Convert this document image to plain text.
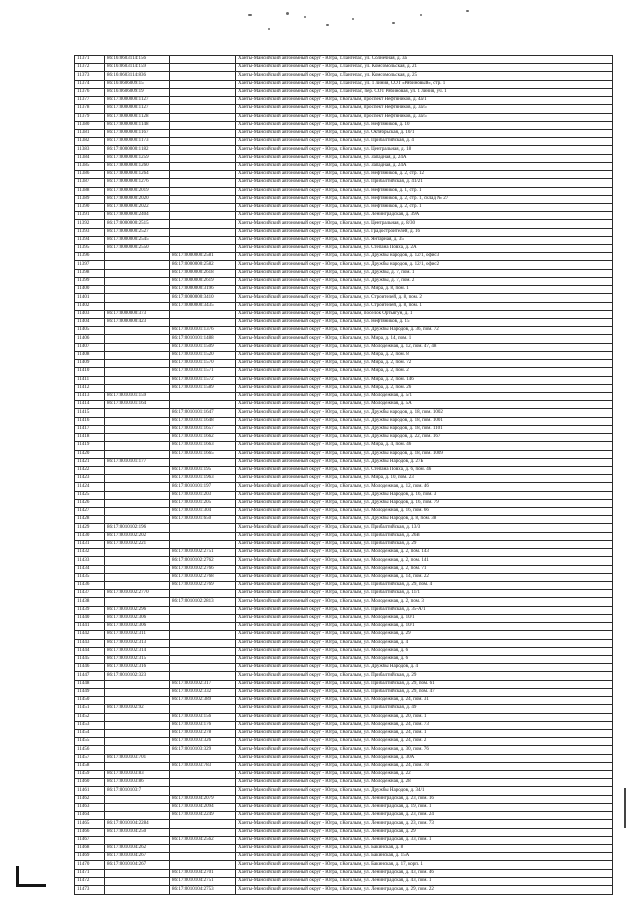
11371	86:16:0603114:156		Ханты-Мансийский автономный округ - Югра, г.Лангепас, ул. Солнечная, д. 3а
11372	86:16:0603114:159		Ханты-Мансийский автономный округ - Югра, г.Лангепас, ул. Комсомольская, д. 21
11373	86:16:0603114:836		Ханты-Мансийский автономный округ - Югра, г.Лангепас, ул. Комсомольская, д. 25
11374	86:16:0606009:15		Ханты-Мансийский автономный округ - Югра, г.Лангепас, ул. 1 линия, СОТ «Рябиновый», стр. 1
11376	86:16:0606009:19		Ханты-Мансийский автономный округ - Югра, г.Лангепас, пер. СОТ Рябиновая, ул. 1 линия, уч. 1
11377	86:17:0000000:1127		Ханты-Мансийский автономный округ - Югра, г.Когалым, проспект Нефтяников, д. 4а/1
11378	86:17:0000000:1127		Ханты-Мансийский автономный округ - Югра, г.Когалым, проспект Нефтяников, д. 3а/5
11379	86:17:0000000:1128		Ханты-Мансийский автономный округ - Югра, г.Когалым, проспект Нефтяников, д. 3а/5
11380	86:17:0000000:1148		Ханты-Мансийский автономный округ - Югра, г.Когалым, ул. Нефтяников, д. 10
11381	86:17:0000000:1167		Ханты-Мансийский автономный округ - Югра, г.Когалым, ул. Октябрьская, д. 10/1
11382	86:17:0000000:1173		Ханты-Мансийский автономный округ - Югра, г.Когалым, ул. Прибалтийская, д. 4
11383	86:17:0000000:1182		Ханты-Мансийский автономный округ - Югра, г.Когалым, ул. Центральная, д. 18
11384	86:17:0000000:1259		Ханты-Мансийский автономный округ - Югра, г.Когалым, ул. Западная, д. 24А
11385	86:17:0000000:1260		Ханты-Мансийский автономный округ - Югра, г.Когалым, ул. Западная, д. 24А
11386	86:17:0000000:1264		Ханты-Мансийский автономный округ - Югра, г.Когалым, ул. Нефтяников, д. 2, стр. 12
11387	86:17:0000000:1276		Ханты-Мансийский автономный округ - Югра, г.Когалым, ул. Прибалтийская, д. 41/21
11388	86:17:0000000:2019		Ханты-Мансийский автономный округ - Югра, г.Когалым, ул. Нефтяников, д. 1, стр. 1
11389	86:17:0000000:2020		Ханты-Мансийский автономный округ - Югра, г.Когалым, ул. Нефтяников, д. 2, стр. 1, склад № 27
11390	86:17:0000000:2022		Ханты-Мансийский автономный округ - Югра, г.Когалым, ул. Нефтяников, д. 2, стр. 1
11391	86:17:0000000:2404		Ханты-Мансийский автономный округ - Югра, г.Когалым, ул. Ленинградская, д. 39А
11392	86:17:0000000:2515		Ханты-Мансийский автономный округ - Югра, г.Когалым, ул. Центральная, д. 8/30
11393	86:17:0000000:2527		Ханты-Мансийский автономный округ - Югра, г.Когалым, ул. Градостроителей, д. 16
11394	86:17:0000000:2545		Ханты-Мансийский автономный округ - Югра, г.Когалым, ул. Янтарная, д. 35
11395	86:17:0000000:2550		Ханты-Мансийский автономный округ - Югра, г.Когалым, ул. Степана Повха, д. 2А
11396		86:17:0000000:2581	Ханты-Мансийский автономный округ - Югра, г.Когалым, ул. Дружбы народов, д. 12/1, офис3
11397		86:17:0000000:2582	Ханты-Мансийский автономный округ - Югра, г.Когалым, ул. Дружбы народов, д. 12/1, офис2
11398		86:17:0000000:2618	Ханты-Мансийский автономный округ - Югра, г.Когалым, ул. Дружбы, д. 7, пом. 1
11399		86:17:0000000:2619	Ханты-Мансийский автономный округ - Югра, г.Когалым, ул. Дружбы, д. 7, пом. 2
11400		86:17:0000000:3196	Ханты-Мансийский автономный округ - Югра, г.Когалым, ул. Мира, д. 8, пом. 1
11401		86:17:0000000:3410	Ханты-Мансийский автономный округ - Югра, г.Когалым, ул. Строителей, д. 8, пом. 2
11402		86:17:0000000:3435	Ханты-Мансийский автономный округ - Югра, г.Когалым, ул. Строителей, д. 8, пом. 1
11403	86:17:0000000:373		Ханты-Мансийский автономный округ - Югра, г.Когалым, поселок Ортьягун, д. 1
11404	86:17:0000000:423		Ханты-Мансийский автономный округ - Югра, г.Когалым, ул. Нефтяников, д. 15
11405		86:17:0010101:1376	Ханты-Мансийский автономный округ - Югра, г.Когалым, ул. Дружбы Народов, д. 36, пом. 72
11406		86:17:0010101:1488	Ханты-Мансийский автономный округ - Югра, г.Когалым, ул. Мира, д. 14, пом. 1
11407		86:17:0010101:1509	Ханты-Мансийский автономный округ - Югра, г.Когалым, ул. Молодежная, д. 12, пом. 47, 48
11408		86:17:0010101:1520	Ханты-Мансийский автономный округ - Югра, г.Когалым, ул. Мира, д. 2, пом. 8
11409		86:17:0010101:1570	Ханты-Мансийский автономный округ - Югра, г.Когалым, ул. Мира, д. 2, пом. 72
11410		86:17:0010101:1571	Ханты-Мансийский автономный округ - Югра, г.Когалым, ул. Мира, д. 2, пом. 2
11411		86:17:0010101:1572	Ханты-Мансийский автономный округ - Югра, г.Когалым, ул. Мира, д. 2, пом. 146
11412		86:17:0010101:1589	Ханты-Мансийский автономный округ - Югра, г.Когалым, ул. Мира, д. 2, пом. 26
11413	86:17:0010101:159		Ханты-Мансийский автономный округ - Югра, г.Когалым, ул. Молодежная, д. 5/1
11414	86:17:0010101:164		Ханты-Мансийский автономный округ - Югра, г.Когалым, ул. Молодежная, д. 5А
11415		86:17:0010101:1647	Ханты-Мансийский автономный округ - Югра, г.Когалым, ул. Дружбы народов, д. 18, пом. 1002
11416		86:17:0010101:1648	Ханты-Мансийский автономный округ - Югра, г.Когалым, ул. Дружбы народов, д. 18, пом. 1001
11417		86:17:0010101:1657	Ханты-Мансийский автономный округ - Югра, г.Когалым, ул. Дружбы народов, д. 18, пом. 1101
11418		86:17:0010101:1662	Ханты-Мансийский автономный округ - Югра, г.Когалым, ул. Дружбы народов, д. 22, пом. 167
11419		86:17:0010101:1663	Ханты-Мансийский автономный округ - Югра, г.Когалым, ул. Мира, д. 4, пом. 46
11420		86:17:0010101:1665	Ханты-Мансийский автономный округ - Югра, г.Когалым, ул. Дружбы народов, д. 18, пом. 1009
11421	86:17:0010101:177		Ханты-Мансийский автономный округ - Югра, г.Когалым, ул. Дружбы Народов, д. 27Б
11422		86:17:0010101:195	Ханты-Мансийский автономный округ - Югра, г.Когалым, ул. Степана Повха, д. 6, пом. 46
11423		86:17:0010101:1963	Ханты-Мансийский автономный округ - Югра, г.Когалым, ул. Мира, д. 10, пом. 23
11424		86:17:0010101:197	Ханты-Мансийский автономный округ - Югра, г.Когалым, ул. Молодежная, д. 12, пом. 46
11425		86:17:0010101:203	Ханты-Мансийский автономный округ - Югра, г.Когалым, ул. Дружбы Народов, д. 16, пом. 3
11426		86:17:0010101:205	Ханты-Мансийский автономный округ - Югра, г.Когалым, ул. Дружбы Народов, д. 16, пом. 79
11427		86:17:0010101:304	Ханты-Мансийский автономный округ - Югра, г.Когалым, ул. Молодежная, д. 16, пом. 66
11428		86:17:0010101:650	Ханты-Мансийский автономный округ - Югра, г.Когалым, ул. Дружбы Народов, д. 8, пом. 38
11429	86:17:0010102:196		Ханты-Мансийский автономный округ - Югра, г.Когалым, ул. Прибалтийская, д. 13/3
11430	86:17:0010102:202		Ханты-Мансийский автономный округ - Югра, г.Когалым, ул. Прибалтийская, д. 26В
11431	86:17:0010102:221		Ханты-Мансийский автономный округ - Югра, г.Когалым, ул. Прибалтийская, д. 29
11432		86:17:0010102:2751	Ханты-Мансийский автономный округ - Югра, г.Когалым, ул. Молодежная, д. 2, пом. 143
11433		86:17:0010102:2762	Ханты-Мансийский автономный округ - Югра, г.Когалым, ул. Молодежная, д. 2, пом. 141
11434		86:17:0010102:2766	Ханты-Мансийский автономный округ - Югра, г.Когалым, ул. Молодежная, д. 2, пом. 71
11435		86:17:0010102:2768	Ханты-Мансийский автономный округ - Югра, г.Когалым, ул. Молодежная, д. 14, пом. 22
11436		86:17:0010102:2769	Ханты-Мансийский автономный округ - Югра, г.Когалым, ул. Прибалтийская, д. 29, пом. 4
11437	86:17:0010102:2770		Ханты-Мансийский автономный округ - Югра, г.Когалым, ул. Прибалтийская, д. 11/1
11438		86:17:0010102:2813	Ханты-Мансийский автономный округ - Югра, г.Когалым, ул. Молодежная, д. 2, пом. 3
11439	86:17:0010102:296		Ханты-Мансийский автономный округ - Югра, г.Когалым, ул. Прибалтийская, д. 35-А/1
11440	86:17:0010102:306		Ханты-Мансийский автономный округ - Югра, г.Когалым, ул. Молодежная, д. 10/1
11441	86:17:0010102:306		Ханты-Мансийский автономный округ - Югра, г.Когалым, ул. Молодежная, д. 10/1
11442	86:17:0010102:311		Ханты-Мансийский автономный округ - Югра, г.Когалым, ул. Молодежная, д. 29
11443	86:17:0010102:313		Ханты-Мансийский автономный округ - Югра, г.Когалым, ул. Молодежная, д. 4
11444	86:17:0010102:314		Ханты-Мансийский автономный округ - Югра, г.Когалым, ул. Молодежная, д. 6
11445	86:17:0010102:315		Ханты-Мансийский автономный округ - Югра, г.Когалым, ул. Молодежная, д. 6
11446	86:17:0010102:316		Ханты-Мансийский автономный округ - Югра, г.Когалым, ул. Дружбы Народов, д. 4
11447	86:17:0010102:323		Ханты-Мансийский автономный округ - Югра, г.Когалым, ул. Прибалтийская, д. 29
11448		86:17:0010102:317	Ханты-Мансийский автономный округ - Югра, г.Когалым, ул. Прибалтийская, д. 29, пом. 61
11449		86:17:0010102:332	Ханты-Мансийский автономный округ - Югра, г.Когалым, ул. Прибалтийская, д. 29, пом. 47
11450		86:17:0010102:389	Ханты-Мансийский автономный округ - Югра, г.Когалым, ул. Молодежная, д. 24, пом. 31
11451	86:17:0010102:92		Ханты-Мансийский автономный округ - Югра, г.Когалым, ул. Прибалтийская, д. 49
11452		86:17:0010103:156	Ханты-Мансийский автономный округ - Югра, г.Когалым, ул. Молодежная, д. 20, пом. 1
11453		86:17:0010103:176	Ханты-Мансийский автономный округ - Югра, г.Когалым, ул. Молодежная, д. 24, пом. 73
11454		86:17:0010103:278	Ханты-Мансийский автономный округ - Югра, г.Когалым, ул. Молодежная, д. 24, пом. 1
11455		86:17:0010103:326	Ханты-Мансийский автономный округ - Югра, г.Когалым, ул. Молодежная, д. 24, пом. 2
11456		86:17:0010103:329	Ханты-Мансийский автономный округ - Югра, г.Когалым, ул. Молодежная, д. 30, пом. 76
11457	86:17:0010103:701		Ханты-Мансийский автономный округ - Югра, г.Когалым, ул. Молодежная, д. 30А
11458		86:17:0010103:783	Ханты-Мансийский автономный округ - Югра, г.Когалым, ул. Молодежная, д. 24, пом. 78
11459	86:17:0010103:83		Ханты-Мансийский автономный округ - Югра, г.Когалым, ул. Молодежная, д. 22
11460	86:17:0010103:86		Ханты-Мансийский автономный округ - Югра, г.Когалым, ул. Молодежная, д. 28
11461	86:17:0010103:7		Ханты-Мансийский автономный округ - Югра, г.Когалым, ул. Дружбы Народов, д. 34/1
11462		86:17:0010104:2079	Ханты-Мансийский автономный округ - Югра, г.Когалым, ул. Ленинградская, д. 23, пом. 16
11463		86:17:0010104:2094	Ханты-Мансийский автономный округ - Югра, г.Когалым, ул. Ленинградская, д. 19, пом. 1
11464		86:17:0010104:2249	Ханты-Мансийский автономный округ - Югра, г.Когалым, ул. Ленинградская, д. 23, пом. 24
11465	86:17:0010104:2284		Ханты-Мансийский автономный округ - Югра, г.Когалым, ул. Ленинградская, д. 23, пом. 73
11466	86:17:0010104:250		Ханты-Мансийский автономный округ - Югра, г.Когалым, ул. Ленинградская, д. 29
11467		86:17:0010104:2562	Ханты-Мансийский автономный округ - Югра, г.Когалым, ул. Ленинградская, д. 33, пом. 1
11468	86:17:0010104:262		Ханты-Мансийский автономный округ - Югра, г.Когалым, ул. Бакинская, д. 8
11469	86:17:0010104:267		Ханты-Мансийский автономный округ - Югра, г.Когалым, ул. Бакинская, д. 15А
11470	86:17:0010104:267		Ханты-Мансийский автономный округ - Югра, г.Когалым, ул. Бакинская, д. 17, корп. 1
11471		86:17:0010104:2701	Ханты-Мансийский автономный округ - Югра, г.Когалым, ул. Ленинградская, д. 43, пом. 46
11472		86:17:0010104:2751	Ханты-Мансийский автономный округ - Югра, г.Когалым, ул. Ленинградская, д. 43, пом. 1
11473		86:17:0010104:2753	Ханты-Мансийский автономный округ - Югра, г.Когалым, ул. Ленинградская, д. 29, пом. 22
